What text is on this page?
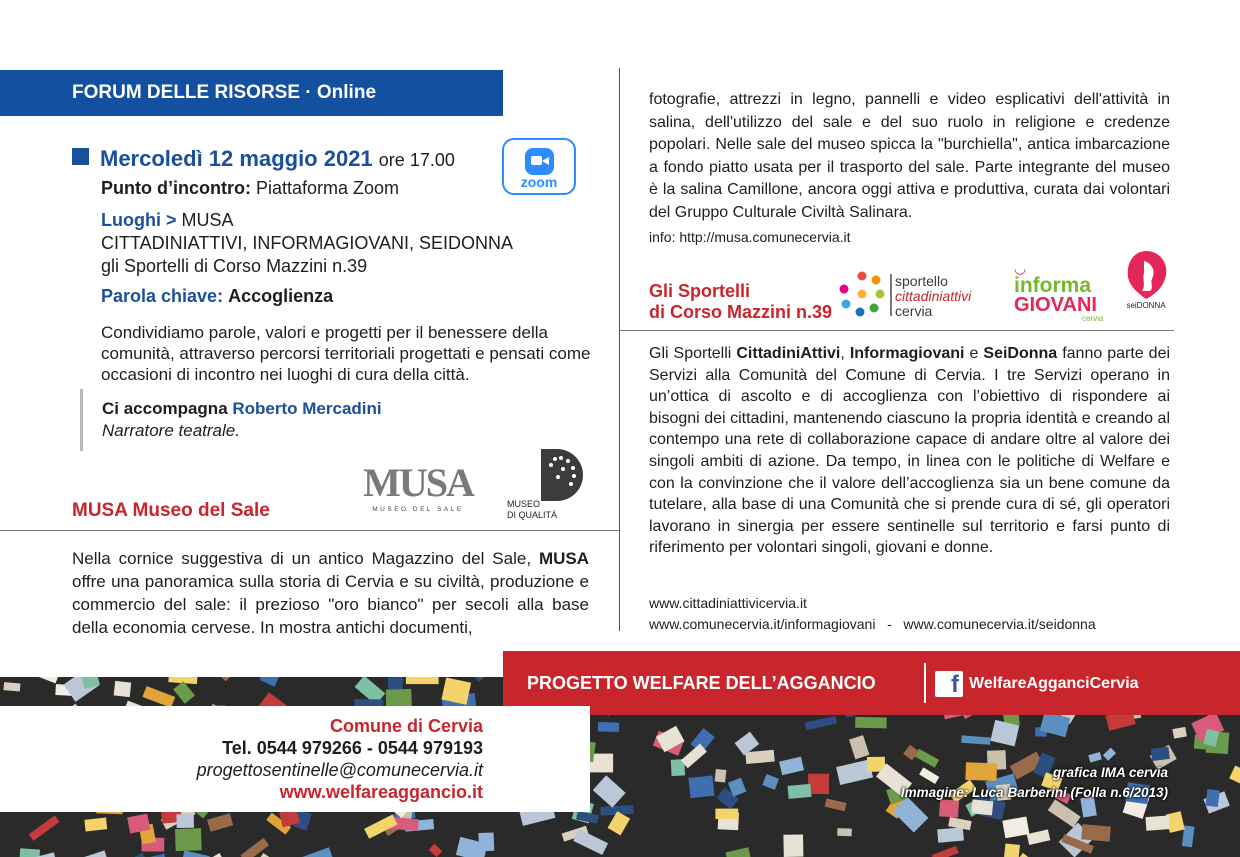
FORUM DELLE RISORSE · Online
Mercoledì 12 maggio 2021 ore 17.00
zoom
Punto d’incontro: Piattaforma Zoom
Luoghi > MUSA
CITTADINIATTIVI, INFORMAGIOVANI, SEIDONNA
gli Sportelli di Corso Mazzini n.39
Parola chiave: Accoglienza
Condividiamo parole, valori e progetti per il benessere della comunità, attraverso percorsi territoriali progettati e pensati come occasioni di incontro nei luoghi di cura della città.
Ci accompagna Roberto Mercadini
Narratore teatrale.
MUSA
MUSEO DEL SALE
MUSEO
DI QUALITÀ
MUSA Museo del Sale
Nella cornice suggestiva di un antico Magazzino del Sale, MUSA offre una panoramica sulla storia di Cervia e su civiltà, produzione e commercio del sale: il prezioso "oro bianco" per secoli alla base della economia cervese. In mostra antichi documenti,
fotografie, attrezzi in legno, pannelli e video esplicativi dell'attività in salina, dell'utilizzo del sale e del suo ruolo in religione e credenze popolari. Nelle sale del museo spicca la "burchiella", antica imbarcazione a fondo piatto usata per il trasporto del sale. Parte integrante del museo è la salina Camillone, ancora oggi attiva e produttiva, curata dai volontari del Gruppo Culturale Civiltà Salinara.
info: http://musa.comunecervia.it
Gli Sportelli
di Corso Mazzini n.39
sportello
cittadiniattivi
cervia
◡
informa
GIOVANI
cervia
seiDONNA
Gli Sportelli CittadiniAttivi, Informagiovani e SeiDonna fanno parte dei Servizi alla Comunità del Comune di Cervia. I tre Servizi operano in un’ottica di ascolto e di accoglienza con l’obiettivo di rispondere ai bisogni dei cittadini, mantenendo ciascuno la propria identità e creando al contempo una rete di collaborazione capace di andare oltre al valore dei singoli ambiti di azione. Da tempo, in linea con le politiche di Welfare e con la convinzione che il valore dell’accoglienza sia un bene comune da tutelare, alla base di una Comunità che si prende cura di sé, gli operatori lavorano in sinergia per essere sentinelle sul territorio e farsi punto di riferimento per volontari singoli, giovani e donne.
www.cittadiniattivicervia.it
www.comunecervia.it/informagiovani   -   www.comunecervia.it/seidonna
PROGETTO WELFARE DELL’AGGANCIO	f WelfareAgganciCervia
Comune di Cervia
Tel. 0544 979266 - 0544 979193
progettosentinelle@comunecervia.it
www.welfareaggancio.it
grafica IMA cervia
Immagine: Luca Barberini (Folla n.6/2013)
